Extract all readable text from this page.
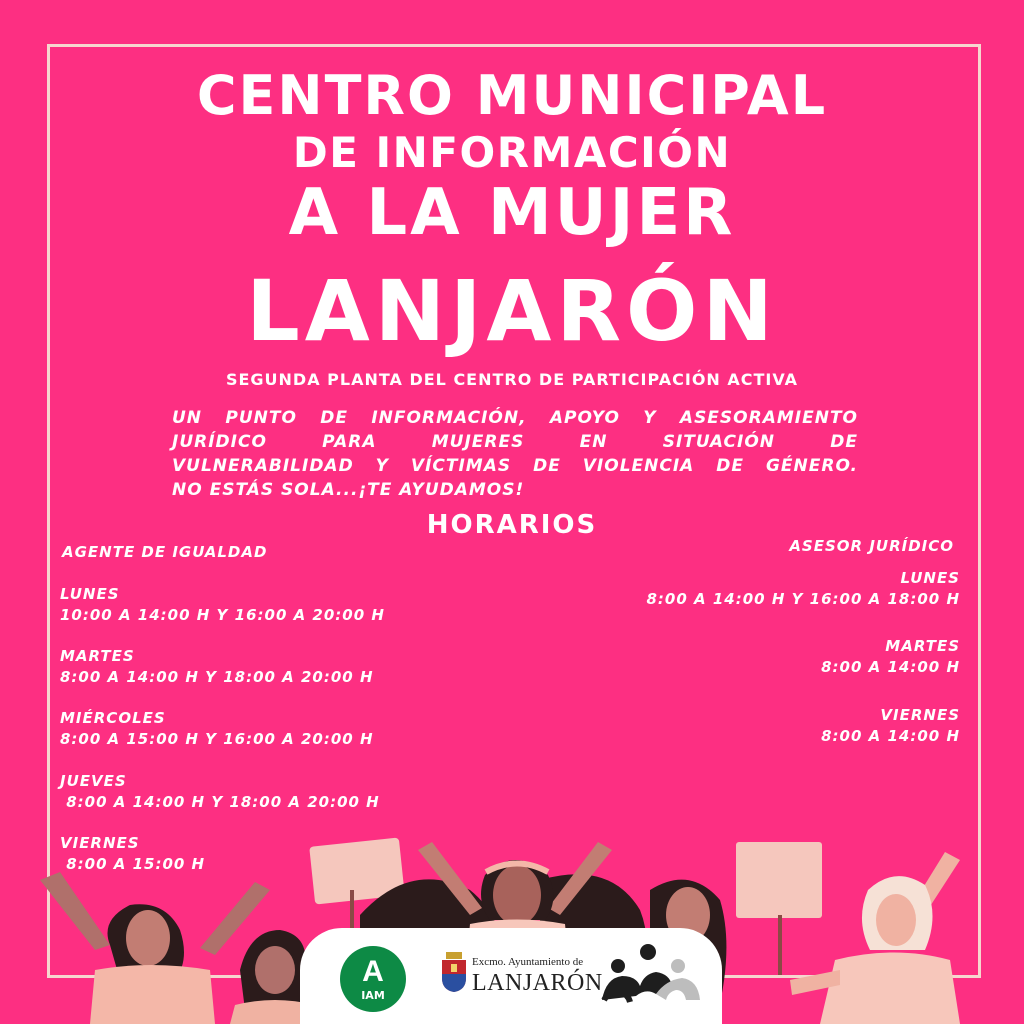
CENTRO MUNICIPAL
DE INFORMACIÓN
A LA MUJER
LANJARÓN

SEGUNDA PLANTA DEL CENTRO DE PARTICIPACIÓN ACTIVA

UN PUNTO DE INFORMACIÓN, APOYO Y ASESORAMIENTO
JURÍDICO PARA MUJERES EN SITUACIÓN DE
VULNERABILIDAD Y VÍCTIMAS DE VIOLENCIA DE GÉNERO.
NO ESTÁS SOLA...¡TE AYUDAMOS!
HORARIOS
AGENTE DE IGUALDAD	ASESOR JURÍDICO
LUNES
10:00 A 14:00 H Y 16:00 A 20:00 H
MARTES
8:00 A 14:00 H Y 18:00 A 20:00 H
MIÉRCOLES
8:00 A 15:00 H Y 16:00 A 20:00 H
JUEVES
8:00 A 14:00 H Y 18:00 A 20:00 H
VIERNES
8:00 A 15:00 H
LUNES
8:00 A 14:00 H Y 16:00 A 18:00 H
MARTES
8:00 A 14:00 H
VIERNES
8:00 A 14:00 H
A
IAM
Excmo. Ayuntamiento de
LANJARÓN
